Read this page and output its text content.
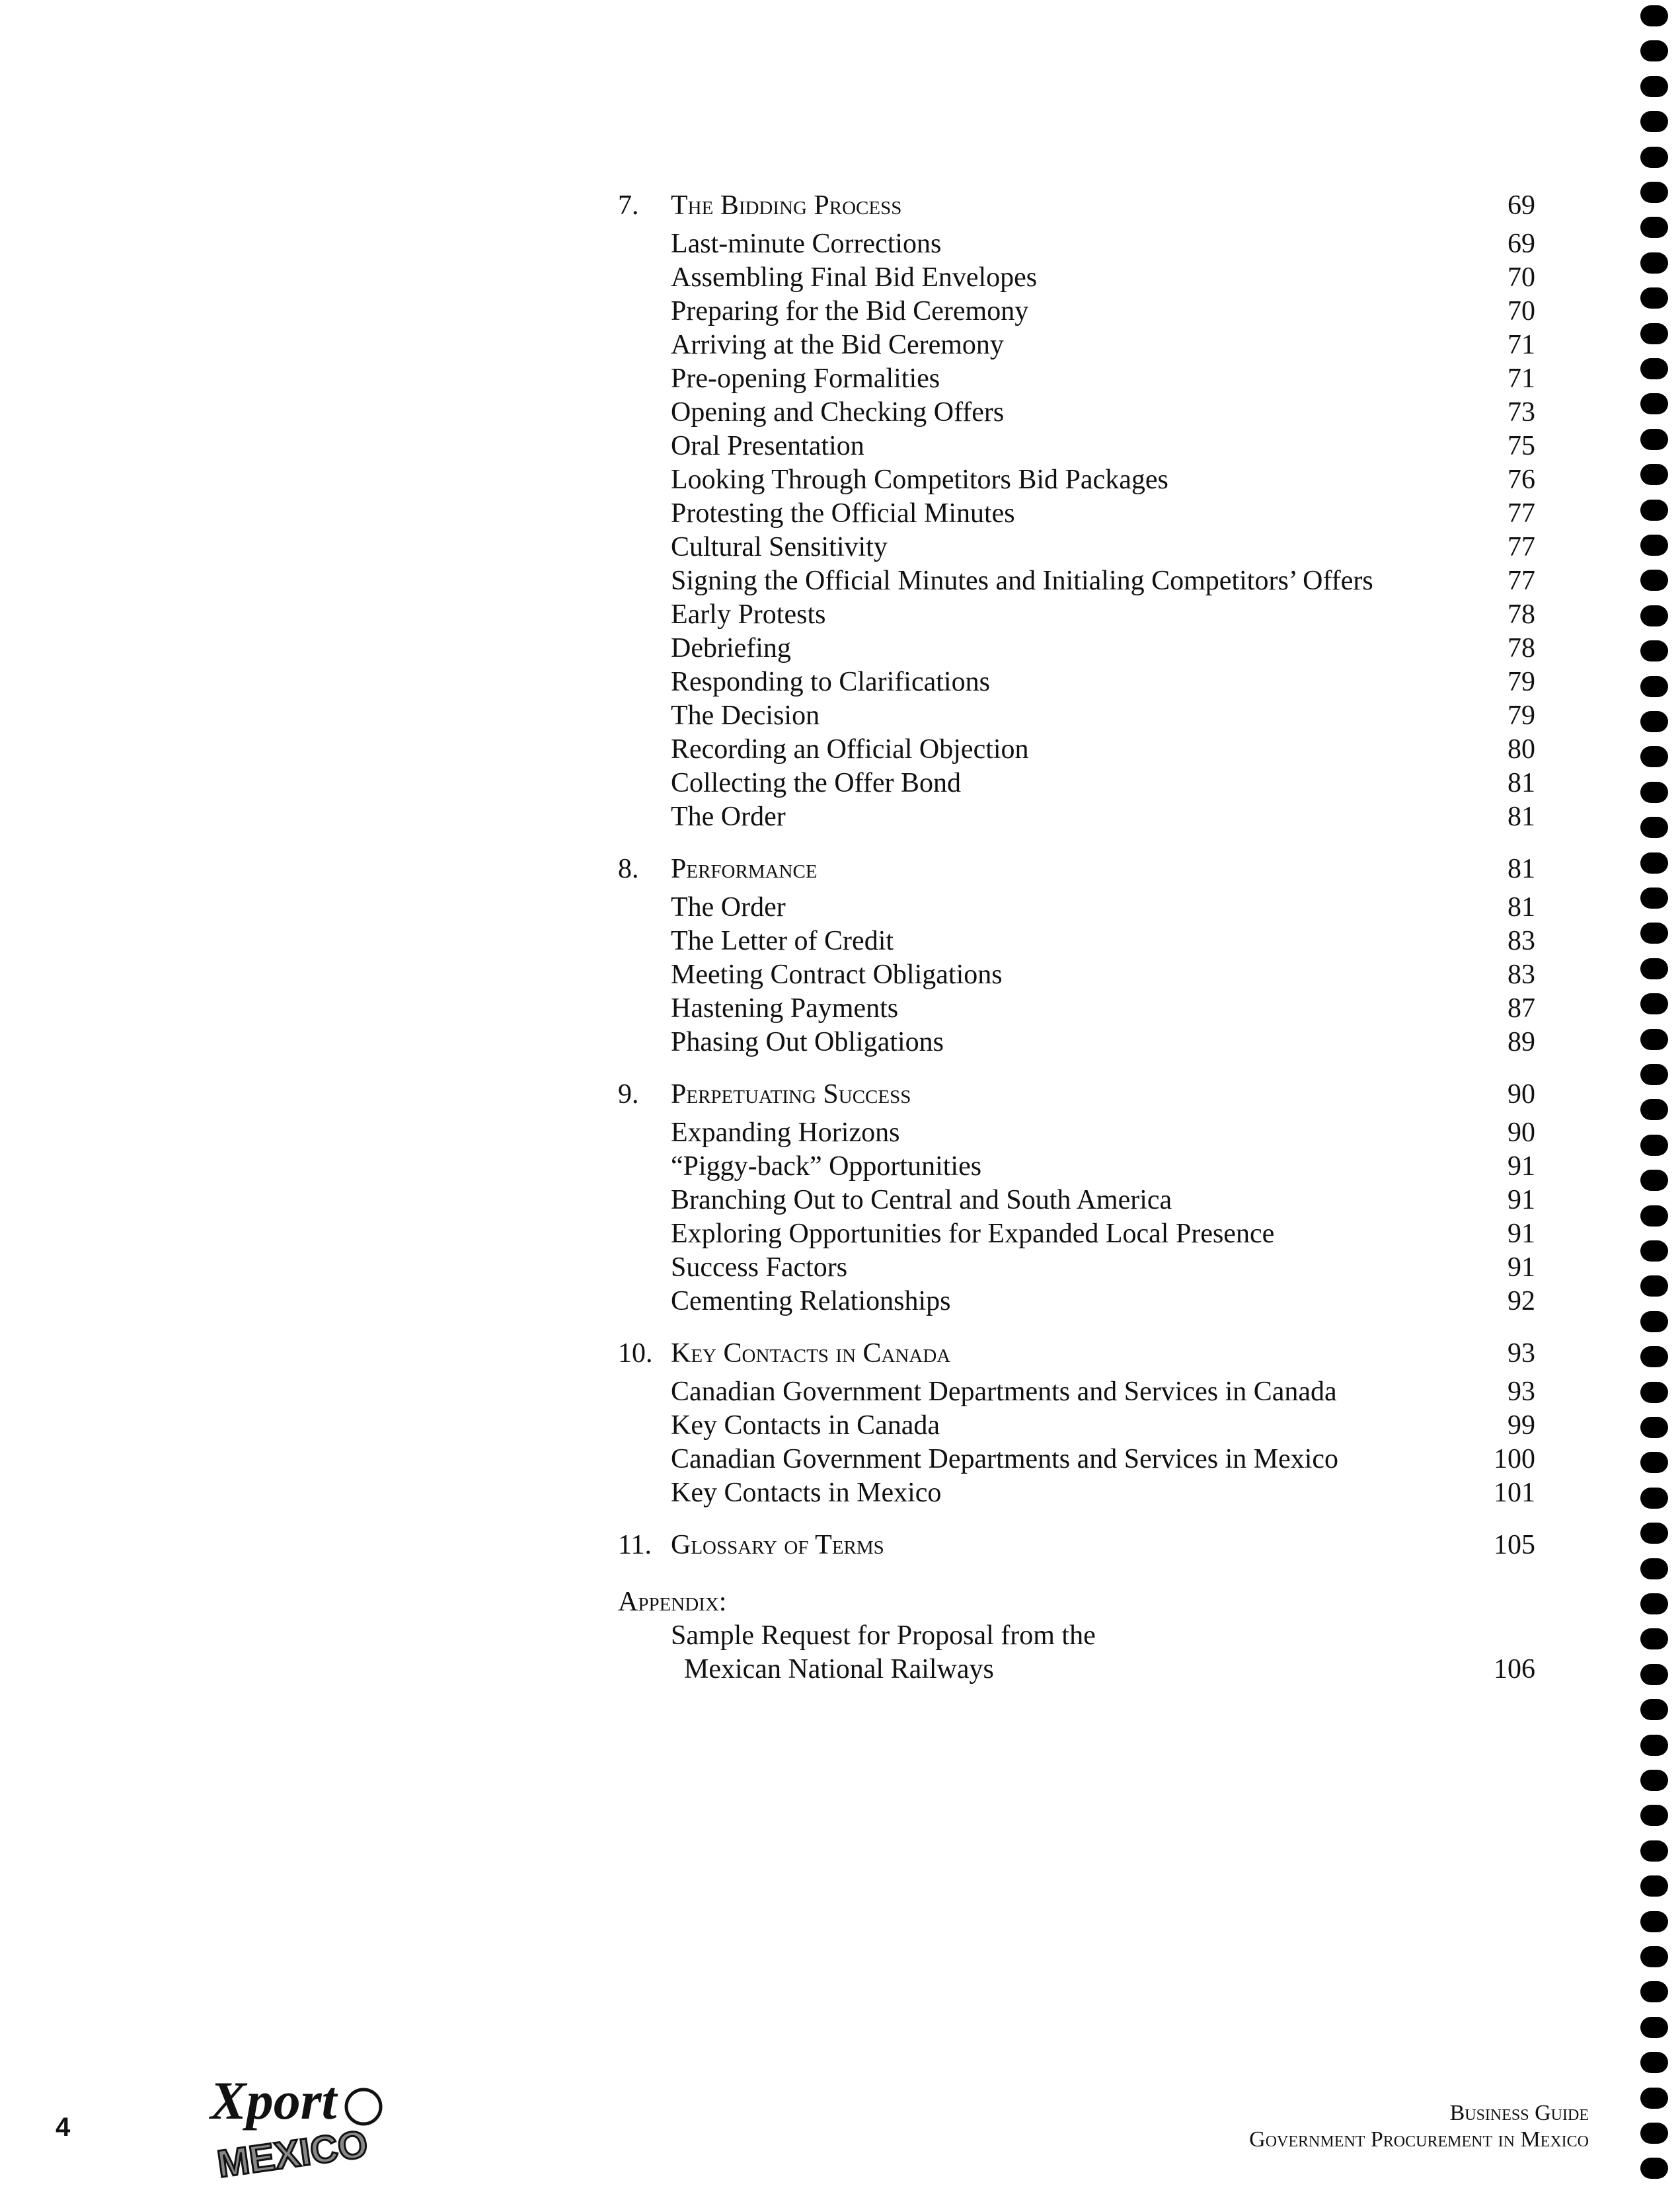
7. The Bidding Process	69
Last-minute Corrections	69
Assembling Final Bid Envelopes	70
Preparing for the Bid Ceremony	70
Arriving at the Bid Ceremony	71
Pre-opening Formalities	71
Opening and Checking Offers	73
Oral Presentation	75
Looking Through Competitors Bid Packages	76
Protesting the Official Minutes	77
Cultural Sensitivity	77
Signing the Official Minutes and Initialing Competitors’ Offers	77
Early Protests	78
Debriefing	78
Responding to Clarifications	79
The Decision	79
Recording an Official Objection	80
Collecting the Offer Bond	81
The Order	81
8. Performance	81
The Order	81
The Letter of Credit	83
Meeting Contract Obligations	83
Hastening Payments	87
Phasing Out Obligations	89
9. Perpetuating Success	90
Expanding Horizons	90
“Piggy-back” Opportunities	91
Branching Out to Central and South America	91
Exploring Opportunities for Expanded Local Presence	91
Success Factors	91
Cementing Relationships	92
10. Key Contacts in Canada	93
Canadian Government Departments and Services in Canada	93
Key Contacts in Canada	99
Canadian Government Departments and Services in Mexico	100
Key Contacts in Mexico	101
11. Glossary of Terms	105
Appendix:
Sample Request for Proposal from the
Mexican National Railways	106
4	Xport
MEXICO
Business Guide
Government Procurement in Mexico
